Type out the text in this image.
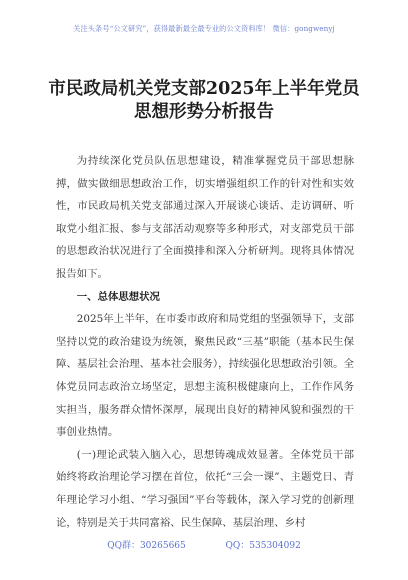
关注头条号“公文研究”，获得最新最全最专业的公文资料库！ 微信：gongwenyj
市民政局机关党支部2025年上半年党员
思想形势分析报告

为持续深化党员队伍思想建设，精准掌握党员干部思想脉搏，做实做细思想政治工作，切实增强组织工作的针对性和实效性，市民政局机关党支部通过深入开展谈心谈话、走访调研、听取党小组汇报、参与支部活动观察等多种形式，对支部党员干部的思想政治状况进行了全面摸排和深入分析研判。现将具体情况报告如下。

一、总体思想状况

2025年上半年，在市委市政府和局党组的坚强领导下，支部坚持以党的政治建设为统领，聚焦民政“三基”职能（基本民生保障、基层社会治理、基本社会服务），持续强化思想政治引领。全体党员同志政治立场坚定，思想主流积极健康向上，工作作风务实担当，服务群众情怀深厚，展现出良好的精神风貌和强烈的干事创业热情。

(一)理论武装入脑入心，思想铸魂成效显著。全体党员干部始终将政治理论学习摆在首位，依托“三会一课”、主题党日、青年理论学习小组、“学习强国”平台等载体，深入学习党的创新理论，特别是关于共同富裕、民生保障、基层治理、乡村

QQ群：30265665	QQ：535304092
